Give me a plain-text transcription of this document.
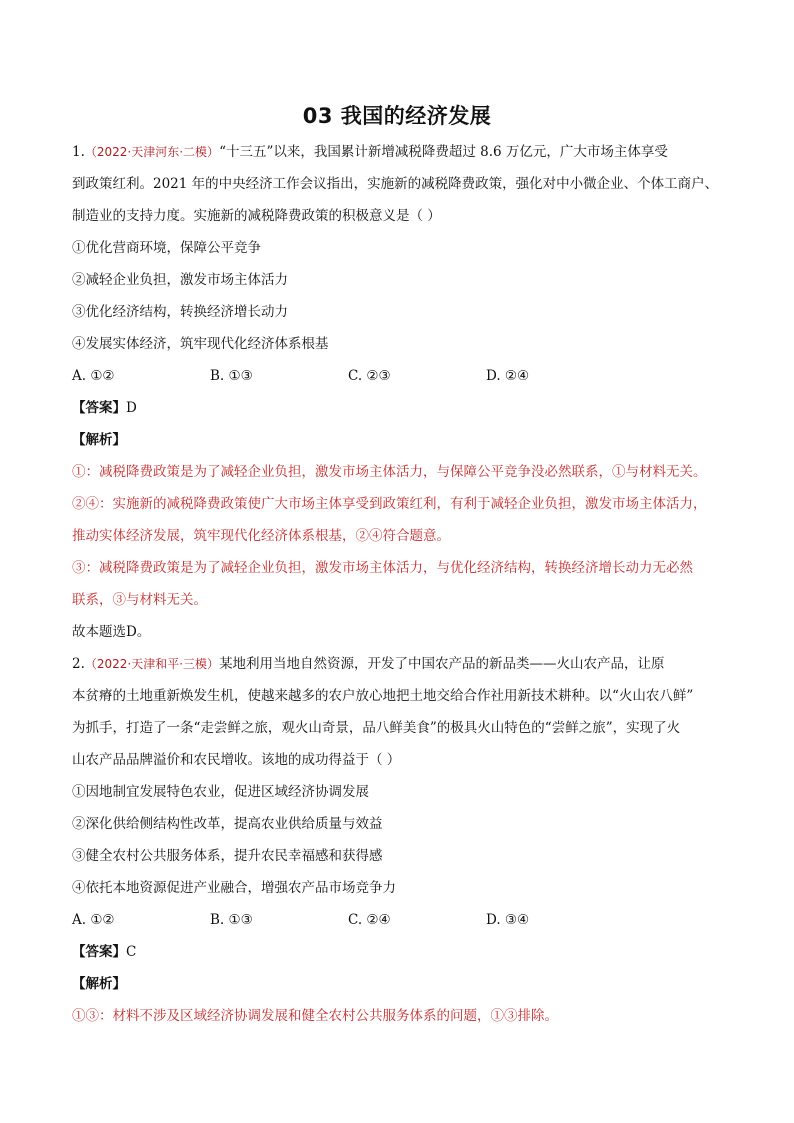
03 我国的经济发展
1.（2022·天津河东·二模）“十三五”以来，我国累计新增减税降费超过 8.6 万亿元，广大市场主体享受
到政策红利。2021 年的中央经济工作会议指出，实施新的减税降费政策，强化对中小微企业、个体工商户、
制造业的支持力度。实施新的减税降费政策的积极意义是（ ）
①优化营商环境，保障公平竞争
②减轻企业负担，激发市场主体活力
③优化经济结构，转换经济增长动力
④发展实体经济，筑牢现代化经济体系根基
A. ①②	B. ①③	C. ②③	D. ②④
【答案】D
【解析】
①：减税降费政策是为了减轻企业负担，激发市场主体活力，与保障公平竞争没必然联系，①与材料无关。
②④：实施新的减税降费政策使广大市场主体享受到政策红利，有利于减轻企业负担，激发市场主体活力，
推动实体经济发展，筑牢现代化经济体系根基，②④符合题意。
③：减税降费政策是为了减轻企业负担，激发市场主体活力，与优化经济结构，转换经济增长动力无必然
联系，③与材料无关。
故本题选D。
2.（2022·天津和平·三模）某地利用当地自然资源，开发了中国农产品的新品类——火山农产品，让原
本贫瘠的土地重新焕发生机，使越来越多的农户放心地把土地交给合作社用新技术耕种。以“火山农八鲜”
为抓手，打造了一条“走尝鲜之旅，观火山奇景，品八鲜美食”的极具火山特色的“尝鲜之旅”，实现了火
山农产品品牌溢价和农民增收。该地的成功得益于（ ）
①因地制宜发展特色农业，促进区域经济协调发展
②深化供给侧结构性改革，提高农业供给质量与效益
③健全农村公共服务体系，提升农民幸福感和获得感
④依托本地资源促进产业融合，增强农产品市场竞争力
A. ①②	B. ①③	C. ②④	D. ③④
【答案】C
【解析】
①③：材料不涉及区域经济协调发展和健全农村公共服务体系的问题，①③排除。
